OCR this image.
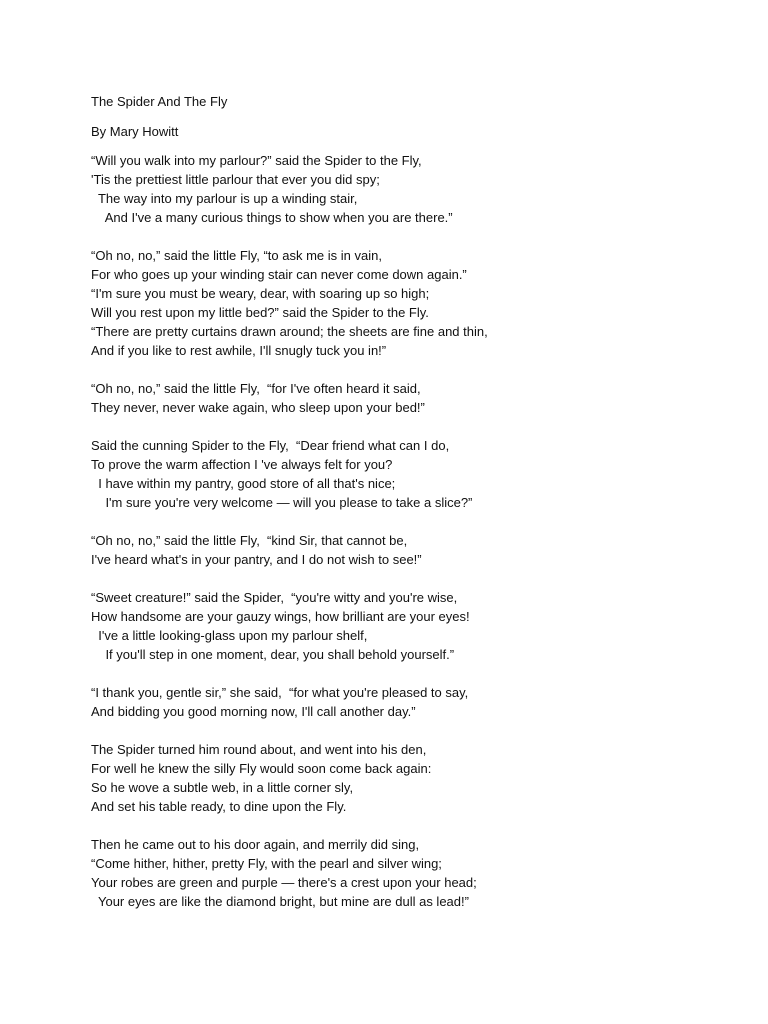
The Spider And The Fly
By Mary Howitt
“Will you walk into my parlour?” said the Spider to the Fly,
'Tis the prettiest little parlour that ever you did spy;
The way into my parlour is up a winding stair,
And I've a many curious things to show when you are there.”
“Oh no, no,” said the little Fly, “to ask me is in vain,
For who goes up your winding stair can never come down again.”
“I'm sure you must be weary, dear, with soaring up so high;
Will you rest upon my little bed?” said the Spider to the Fly.
“There are pretty curtains drawn around; the sheets are fine and thin,
And if you like to rest awhile, I'll snugly tuck you in!”
“Oh no, no,” said the little Fly,  “for I've often heard it said,
They never, never wake again, who sleep upon your bed!”
Said the cunning Spider to the Fly,  “Dear friend what can I do,
To prove the warm affection I 've always felt for you?
I have within my pantry, good store of all that's nice;
I'm sure you're very welcome — will you please to take a slice?”
“Oh no, no,” said the little Fly,  “kind Sir, that cannot be,
I've heard what's in your pantry, and I do not wish to see!”
“Sweet creature!” said the Spider,  “you're witty and you're wise,
How handsome are your gauzy wings, how brilliant are your eyes!
I've a little looking-glass upon my parlour shelf,
If you'll step in one moment, dear, you shall behold yourself.”
“I thank you, gentle sir,” she said,  “for what you're pleased to say,
And bidding you good morning now, I'll call another day.”
The Spider turned him round about, and went into his den,
For well he knew the silly Fly would soon come back again:
So he wove a subtle web, in a little corner sly,
And set his table ready, to dine upon the Fly.
Then he came out to his door again, and merrily did sing,
“Come hither, hither, pretty Fly, with the pearl and silver wing;
Your robes are green and purple — there's a crest upon your head;
Your eyes are like the diamond bright, but mine are dull as lead!”
